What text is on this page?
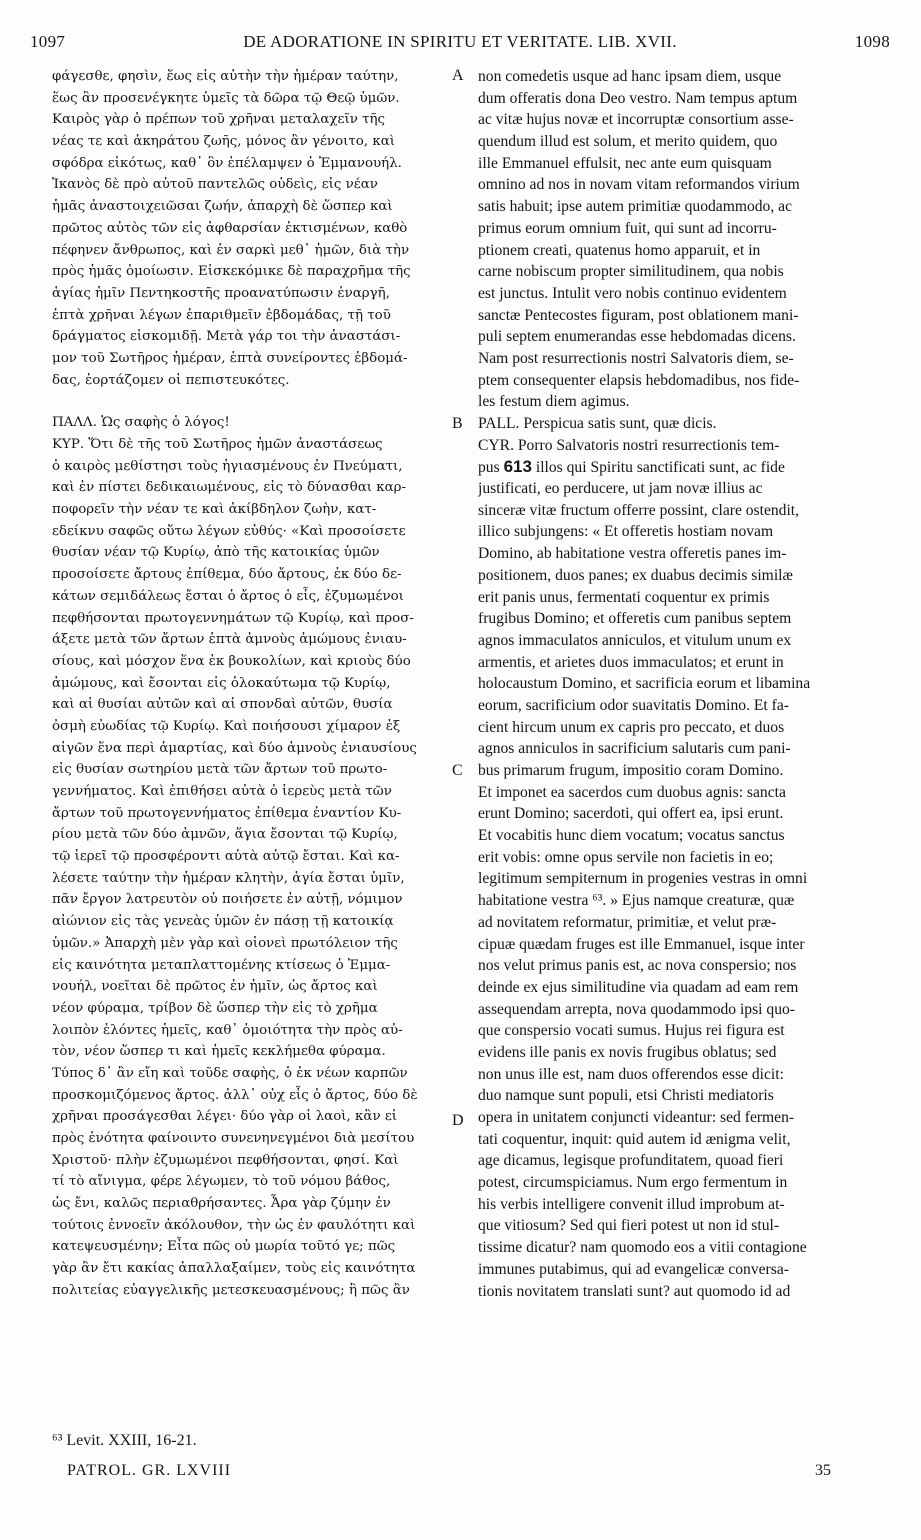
1097	DE ADORATIONE IN SPIRITU ET VERITATE. LIB. XVII.	1098
φάγεσθε, φησὶν, ἕως εἰς αὐτὴν τὴν ἡμέραν ταύτην,
ἕως ἂν προσενέγκητε ὑμεῖς τὰ δῶρα τῷ Θεῷ ὑμῶν.
Καιρὸς γὰρ ὁ πρέπων τοῦ χρῆναι μεταλαχεῖν τῆς
νέας τε καὶ ἀκηράτου ζωῆς, μόνος ἂν γένοιτο, καὶ
σφόδρα εἰκότως, καθ᾽ ὃν ἐπέλαμψεν ὁ Ἐμμανουήλ.
Ἱκανὸς δὲ πρὸ αὐτοῦ παντελῶς οὐδεὶς, εἰς νέαν
ἡμᾶς ἀναστοιχειῶσαι ζωήν, ἀπαρχὴ δὲ ὥσπερ καὶ
πρῶτος αὐτὸς τῶν εἰς ἀφθαρσίαν ἐκτισμένων, καθὸ
πέφηνεν ἄνθρωπος, καὶ ἐν σαρκὶ μεθ᾽ ἡμῶν, διὰ τὴν
πρὸς ἡμᾶς ὁμοίωσιν. Εἰσκεκόμικε δὲ παραχρῆμα τῆς
ἁγίας ἡμῖν Πεντηκοστῆς προανατύπωσιν ἐναργῆ,
ἑπτὰ χρῆναι λέγων ἐπαριθμεῖν ἑβδομάδας, τῇ τοῦ
δράγματος εἰσκομιδῇ. Μετὰ γάρ τοι τὴν ἀναστάσι-
μον τοῦ Σωτῆρος ἡμέραν, ἑπτὰ συνείροντες ἑβδομά-
δας, ἑορτάζομεν οἱ πεπιστευκότες.
ΠΑΛΛ. Ὡς σαφὴς ὁ λόγος!
ΚΥΡ. Ὅτι δὲ τῆς τοῦ Σωτῆρος ἡμῶν ἀναστάσεως
ὁ καιρὸς μεθίστησι τοὺς ἡγιασμένους ἐν Πνεύματι,
καὶ ἐν πίστει δεδικαιωμένους, εἰς τὸ δύνασθαι καρ-
ποφορεῖν τὴν νέαν τε καὶ ἀκίβδηλον ζωὴν, κατ-
εδείκνυ σαφῶς οὕτω λέγων εὐθύς· «Καὶ προσοίσετε
θυσίαν νέαν τῷ Κυρίῳ, ἀπὸ τῆς κατοικίας ὑμῶν
προσοίσετε ἄρτους ἐπίθεμα, δύο ἄρτους, ἐκ δύο δε-
κάτων σεμιδάλεως ἔσται ὁ ἄρτος ὁ εἷς, ἐζυμωμένοι
πεφθήσονται πρωτογεννημάτων τῷ Κυρίῳ, καὶ προσ-
άξετε μετὰ τῶν ἄρτων ἑπτὰ ἀμνοὺς ἀμώμους ἐνιαυ-
σίους, καὶ μόσχον ἕνα ἐκ βουκολίων, καὶ κριοὺς δύο
ἀμώμους, καὶ ἔσονται εἰς ὁλοκαύτωμα τῷ Κυρίῳ,
καὶ αἱ θυσίαι αὐτῶν καὶ αἱ σπονδαὶ αὐτῶν, θυσία
ὀσμὴ εὐωδίας τῷ Κυρίῳ. Καὶ ποιήσουσι χίμαρον ἐξ
αἰγῶν ἕνα περὶ ἁμαρτίας, καὶ δύο ἀμνοὺς ἐνιαυσίους
εἰς θυσίαν σωτηρίου μετὰ τῶν ἄρτων τοῦ πρωτο-
γεννήματος. Καὶ ἐπιθήσει αὐτὰ ὁ ἱερεὺς μετὰ τῶν
ἄρτων τοῦ πρωτογεννήματος ἐπίθεμα ἐναντίον Κυ-
ρίου μετὰ τῶν δύο ἀμνῶν, ἅγια ἔσονται τῷ Κυρίῳ,
τῷ ἱερεῖ τῷ προσφέροντι αὐτὰ αὐτῷ ἔσται. Καὶ κα-
λέσετε ταύτην τὴν ἡμέραν κλητὴν, ἁγία ἔσται ὑμῖν,
πᾶν ἔργον λατρευτὸν οὐ ποιήσετε ἐν αὐτῇ, νόμιμον
αἰώνιον εἰς τὰς γενεὰς ὑμῶν ἐν πάσῃ τῇ κατοικίᾳ
ὑμῶν.» Ἀπαρχὴ μὲν γὰρ καὶ οἱονεὶ πρωτόλειον τῆς
εἰς καινότητα μεταπλαττομένης κτίσεως ὁ Ἐμμα-
νουήλ, νοεῖται δὲ πρῶτος ἐν ἡμῖν, ὡς ἄρτος καὶ
νέον φύραμα, τρίβον δὲ ὥσπερ τὴν εἰς τὸ χρῆμα
λοιπὸν ἑλόντες ἡμεῖς, καθ᾽ ὁμοιότητα τὴν πρὸς αὐ-
τὸν, νέον ὥσπερ τι καὶ ἡμεῖς κεκλήμεθα φύραμα.
Τύπος δ᾽ ἂν εἴη καὶ τοῦδε σαφὴς, ὁ ἐκ νέων καρπῶν
προσκομιζόμενος ἄρτος. ἀλλ᾽ οὐχ εἷς ὁ ἄρτος, δύο δὲ
χρῆναι προσάγεσθαι λέγει· δύο γὰρ οἱ λαοὶ, κἂν εἰ
πρὸς ἑνότητα φαίνοιντο συνενηνεγμένοι διὰ μεσίτου
Χριστοῦ· πλὴν ἐζυμωμένοι πεφθήσονται, φησί. Καὶ
τί τὸ αἴνιγμα, φέρε λέγωμεν, τὸ τοῦ νόμου βάθος,
ὡς ἔνι, καλῶς περιαθρήσαντες. Ἆρα γὰρ ζύμην ἐν
τούτοις ἐννοεῖν ἀκόλουθον, τὴν ὡς ἐν φαυλότητι καὶ
κατεψευσμένην; Εἶτα πῶς οὐ μωρία τοῦτό γε; πῶς
γὰρ ἂν ἔτι κακίας ἀπαλλαξαίμεν, τοὺς εἰς καινότητα
πολιτείας εὐαγγελικῆς μετεσκευασμένους; ἢ πῶς ἂν
non comedetis usque ad hanc ipsam diem, usque
dum offeratis dona Deo vestro. Nam tempus aptum
ac vitæ hujus novæ et incorruptæ consortium asse-
quendum illud est solum, et merito quidem, quo
ille Emmanuel effulsit, nec ante eum quisquam
omnino ad nos in novam vitam reformandos virium
satis habuit; ipse autem primitiæ quodammodo, ac
primus eorum omnium fuit, qui sunt ad incorru-
ptionem creati, quatenus homo apparuit, et in
carne nobiscum propter similitudinem, qua nobis
est junctus. Intulit vero nobis continuo evidentem
sanctæ Pentecostes figuram, post oblationem mani-
puli septem enumerandas esse hebdomadas dicens.
Nam post resurrectionis nostri Salvatoris diem, se-
ptem consequenter elapsis hebdomadibus, nos fide-
les festum diem agimus.
PALL. Perspicua satis sunt, quæ dicis.
CYR. Porro Salvatoris nostri resurrectionis tem-
pus 613 illos qui Spiritu sanctificati sunt, ac fide
justificati, eo perducere, ut jam novæ illius ac
sinceræ vitæ fructum offerre possint, clare ostendit,
illico subjungens: « Et offeretis hostiam novam
Domino, ab habitatione vestra offeretis panes im-
positionem, duos panes; ex duabus decimis similæ
erit panis unus, fermentati coquentur ex primis
frugibus Domino; et offeretis cum panibus septem
agnos immaculatos anniculos, et vitulum unum ex
armentis, et arietes duos immaculatos; et erunt in
holocaustum Domino, et sacrificia eorum et libamina
eorum, sacrificium odor suavitatis Domino. Et fa-
cient hircum unum ex capris pro peccato, et duos
agnos anniculos in sacrificium salutaris cum pani-
bus primarum frugum, impositio coram Domino.
Et imponet ea sacerdos cum duobus agnis: sancta
erunt Domino; sacerdoti, qui offert ea, ipsi erunt.
Et vocabitis hunc diem vocatum; vocatus sanctus
erit vobis: omne opus servile non facietis in eo;
legitimum sempiternum in progenies vestras in omni
habitatione vestra ⁶³. » Ejus namque creaturæ, quæ
ad novitatem reformatur, primitiæ, et velut præ-
cipuæ quædam fruges est ille Emmanuel, isque inter
nos velut primus panis est, ac nova conspersio; nos
deinde ex ejus similitudine via quadam ad eam rem
assequendam arrepta, nova quodammodo ipsi quo-
que conspersio vocati sumus. Hujus rei figura est
evidens ille panis ex novis frugibus oblatus; sed
non unus ille est, nam duos offerendos esse dicit:
duo namque sunt populi, etsi Christi mediatoris
opera in unitatem conjuncti videantur: sed fermen-
tati coquentur, inquit: quid autem id ænigma velit,
age dicamus, legisque profunditatem, quoad fieri
potest, circumspiciamus. Num ergo fermentum in
his verbis intelligere convenit illud improbum at-
que vitiosum? Sed qui fieri potest ut non id stul-
tissime dicatur? nam quomodo eos a vitii contagione
immunes putabimus, qui ad evangelicæ conversa-
tionis novitatem translati sunt? aut quomodo id ad
A
B
C
D
⁶³ Levit. XXIII, 16-21.
PATROL. GR. LXVIII	35
